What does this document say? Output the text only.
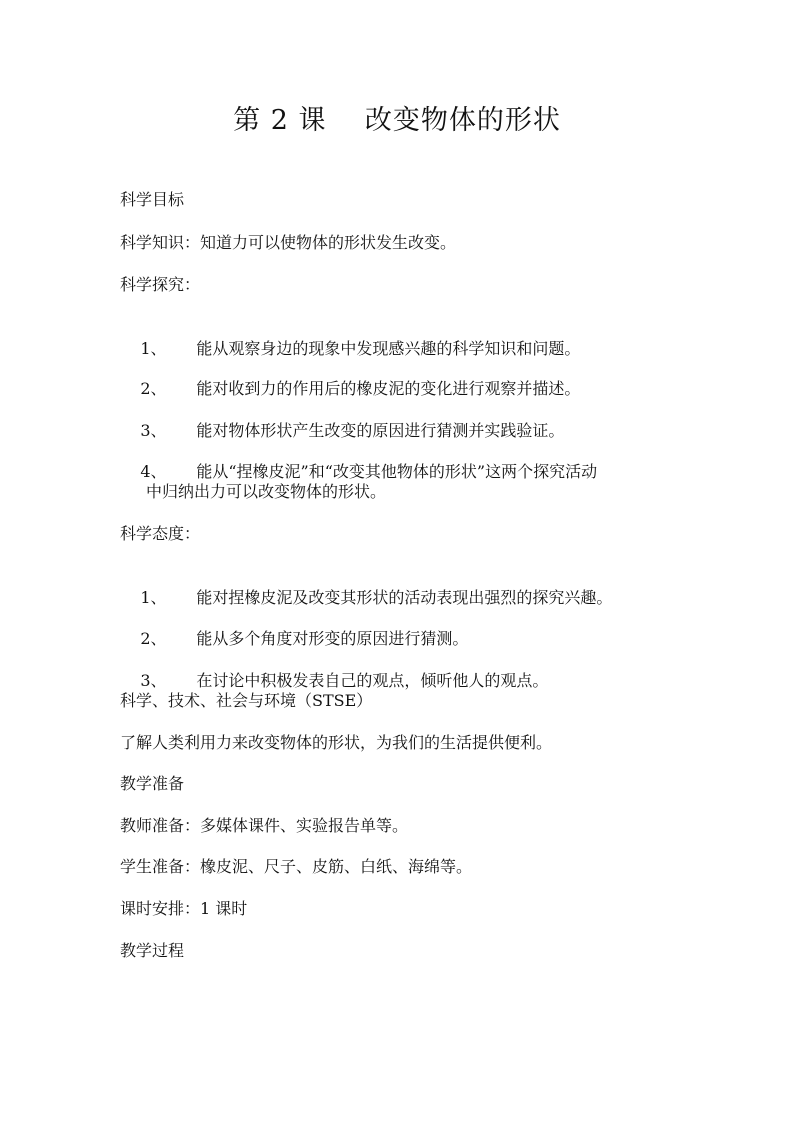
第 2 课    改变物体的形状
科学目标
科学知识：知道力可以使物体的形状发生改变。
科学探究：

1、 能从观察身边的现象中发现感兴趣的科学知识和问题。

2、 能对收到力的作用后的橡皮泥的变化进行观察并描述。

3、 能对物体形状产生改变的原因进行猜测并实践验证。

4、 能从“捏橡皮泥”和“改变其他物体的形状”这两个探究活动

中归纳出力可以改变物体的形状。
科学态度：

1、 能对捏橡皮泥及改变其形状的活动表现出强烈的探究兴趣。

2、 能从多个角度对形变的原因进行猜测。

3、 在讨论中积极发表自己的观点，倾听他人的观点。

科学、技术、社会与环境（STSE）
了解人类利用力来改变物体的形状，为我们的生活提供便利。
教学准备
教师准备：多媒体课件、实验报告单等。
学生准备：橡皮泥、尺子、皮筋、白纸、海绵等。
课时安排：1 课时
教学过程
